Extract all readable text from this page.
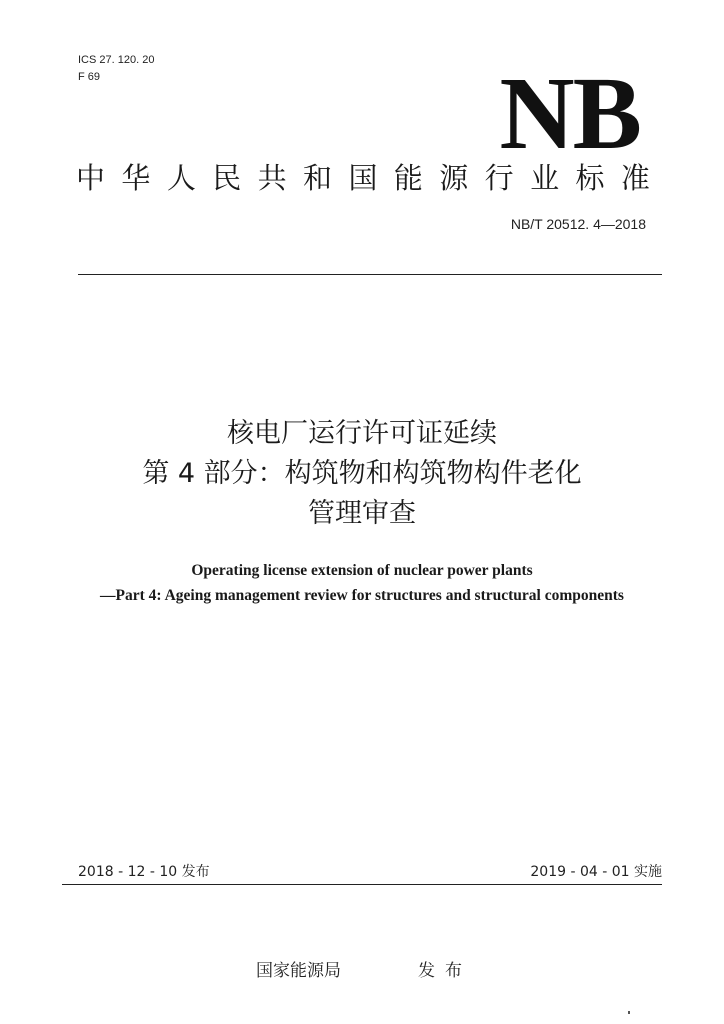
ICS 27. 120. 20
F 69	NB
中 华 人 民 共 和 国 能 源 行 业 标 准
NB/T 20512. 4—2018
核电厂运行许可证延续
第 4 部分：构筑物和构筑物构件老化
管理审查
Operating license extension of nuclear power plants
—Part 4: Ageing management review for structures and structural components
2018 - 12 - 10 发布	2019 - 04 - 01 实施
国家能源局	发布
